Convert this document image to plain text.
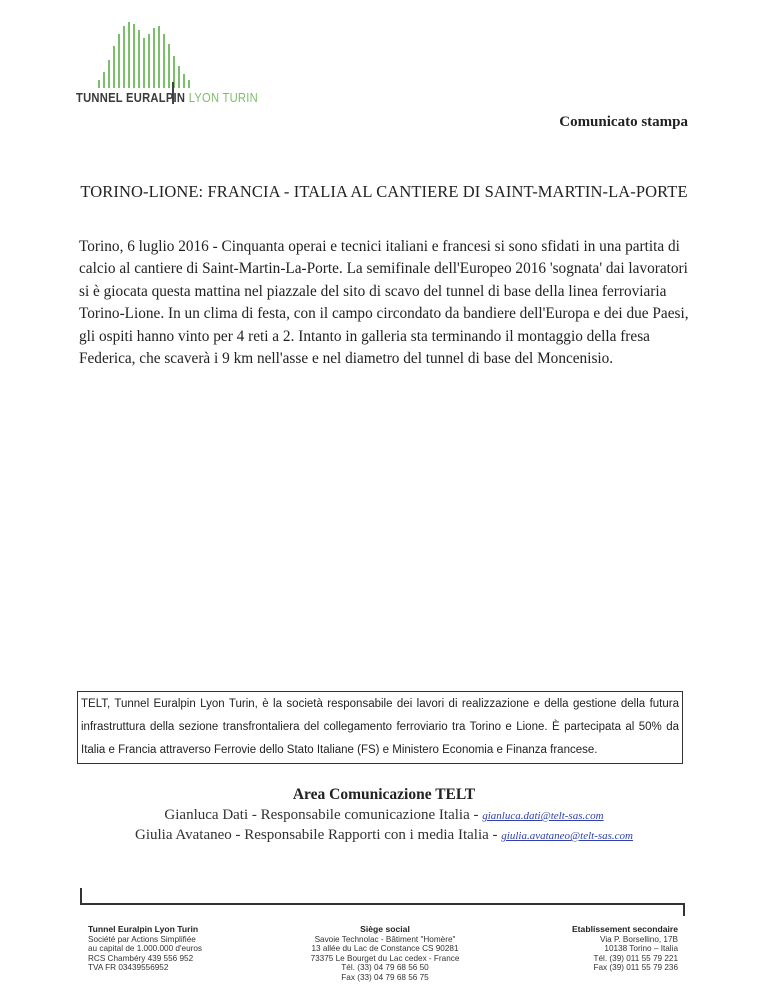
TUNNEL EURALPIN LYON TURIN
Comunicato stampa
TORINO-LIONE: FRANCIA - ITALIA AL CANTIERE DI SAINT-MARTIN-LA-PORTE
Torino, 6 luglio 2016 - Cinquanta operai e tecnici italiani e francesi si sono sfidati in una partita di calcio al cantiere di Saint-Martin-La-Porte. La semifinale dell'Europeo 2016 'sognata' dai lavoratori si è giocata questa mattina nel piazzale del sito di scavo del tunnel di base della linea ferroviaria Torino-Lione. In un clima di festa, con il campo circondato da bandiere dell'Europa e dei due Paesi, gli ospiti hanno vinto per 4 reti a 2. Intanto in galleria sta terminando il montaggio della fresa Federica, che scaverà i 9 km nell'asse e nel diametro del tunnel di base del Moncenisio.
TELT, Tunnel Euralpin Lyon Turin, è la società responsabile dei lavori di realizzazione e della gestione della futura infrastruttura della sezione transfrontaliera del collegamento ferroviario tra Torino e Lione. È partecipata al 50% da Italia e Francia attraverso Ferrovie dello Stato Italiane (FS) e Ministero Economia e Finanza francese.
Area Comunicazione TELT
Gianluca Dati - Responsabile comunicazione Italia - gianluca.dati@telt-sas.com
Giulia Avataneo - Responsabile Rapporti con i media Italia - giulia.avataneo@telt-sas.com
Tunnel Euralpin Lyon Turin
Société par Actions Simplifiée
au capital de 1.000.000 d'euros
RCS Chambéry 439 556 952
TVA FR 03439556952
Siège social
Savoie Technolac - Bâtiment "Homère"
13 allée du Lac de Constance CS 90281
73375 Le Bourget du Lac cedex - France
Tél. (33) 04 79 68 56 50
Fax (33) 04 79 68 56 75
Etablissement secondaire
Via P. Borsellino, 17B
10138 Torino – Italia
Tél. (39) 011 55 79 221
Fax (39) 011 55 79 236
